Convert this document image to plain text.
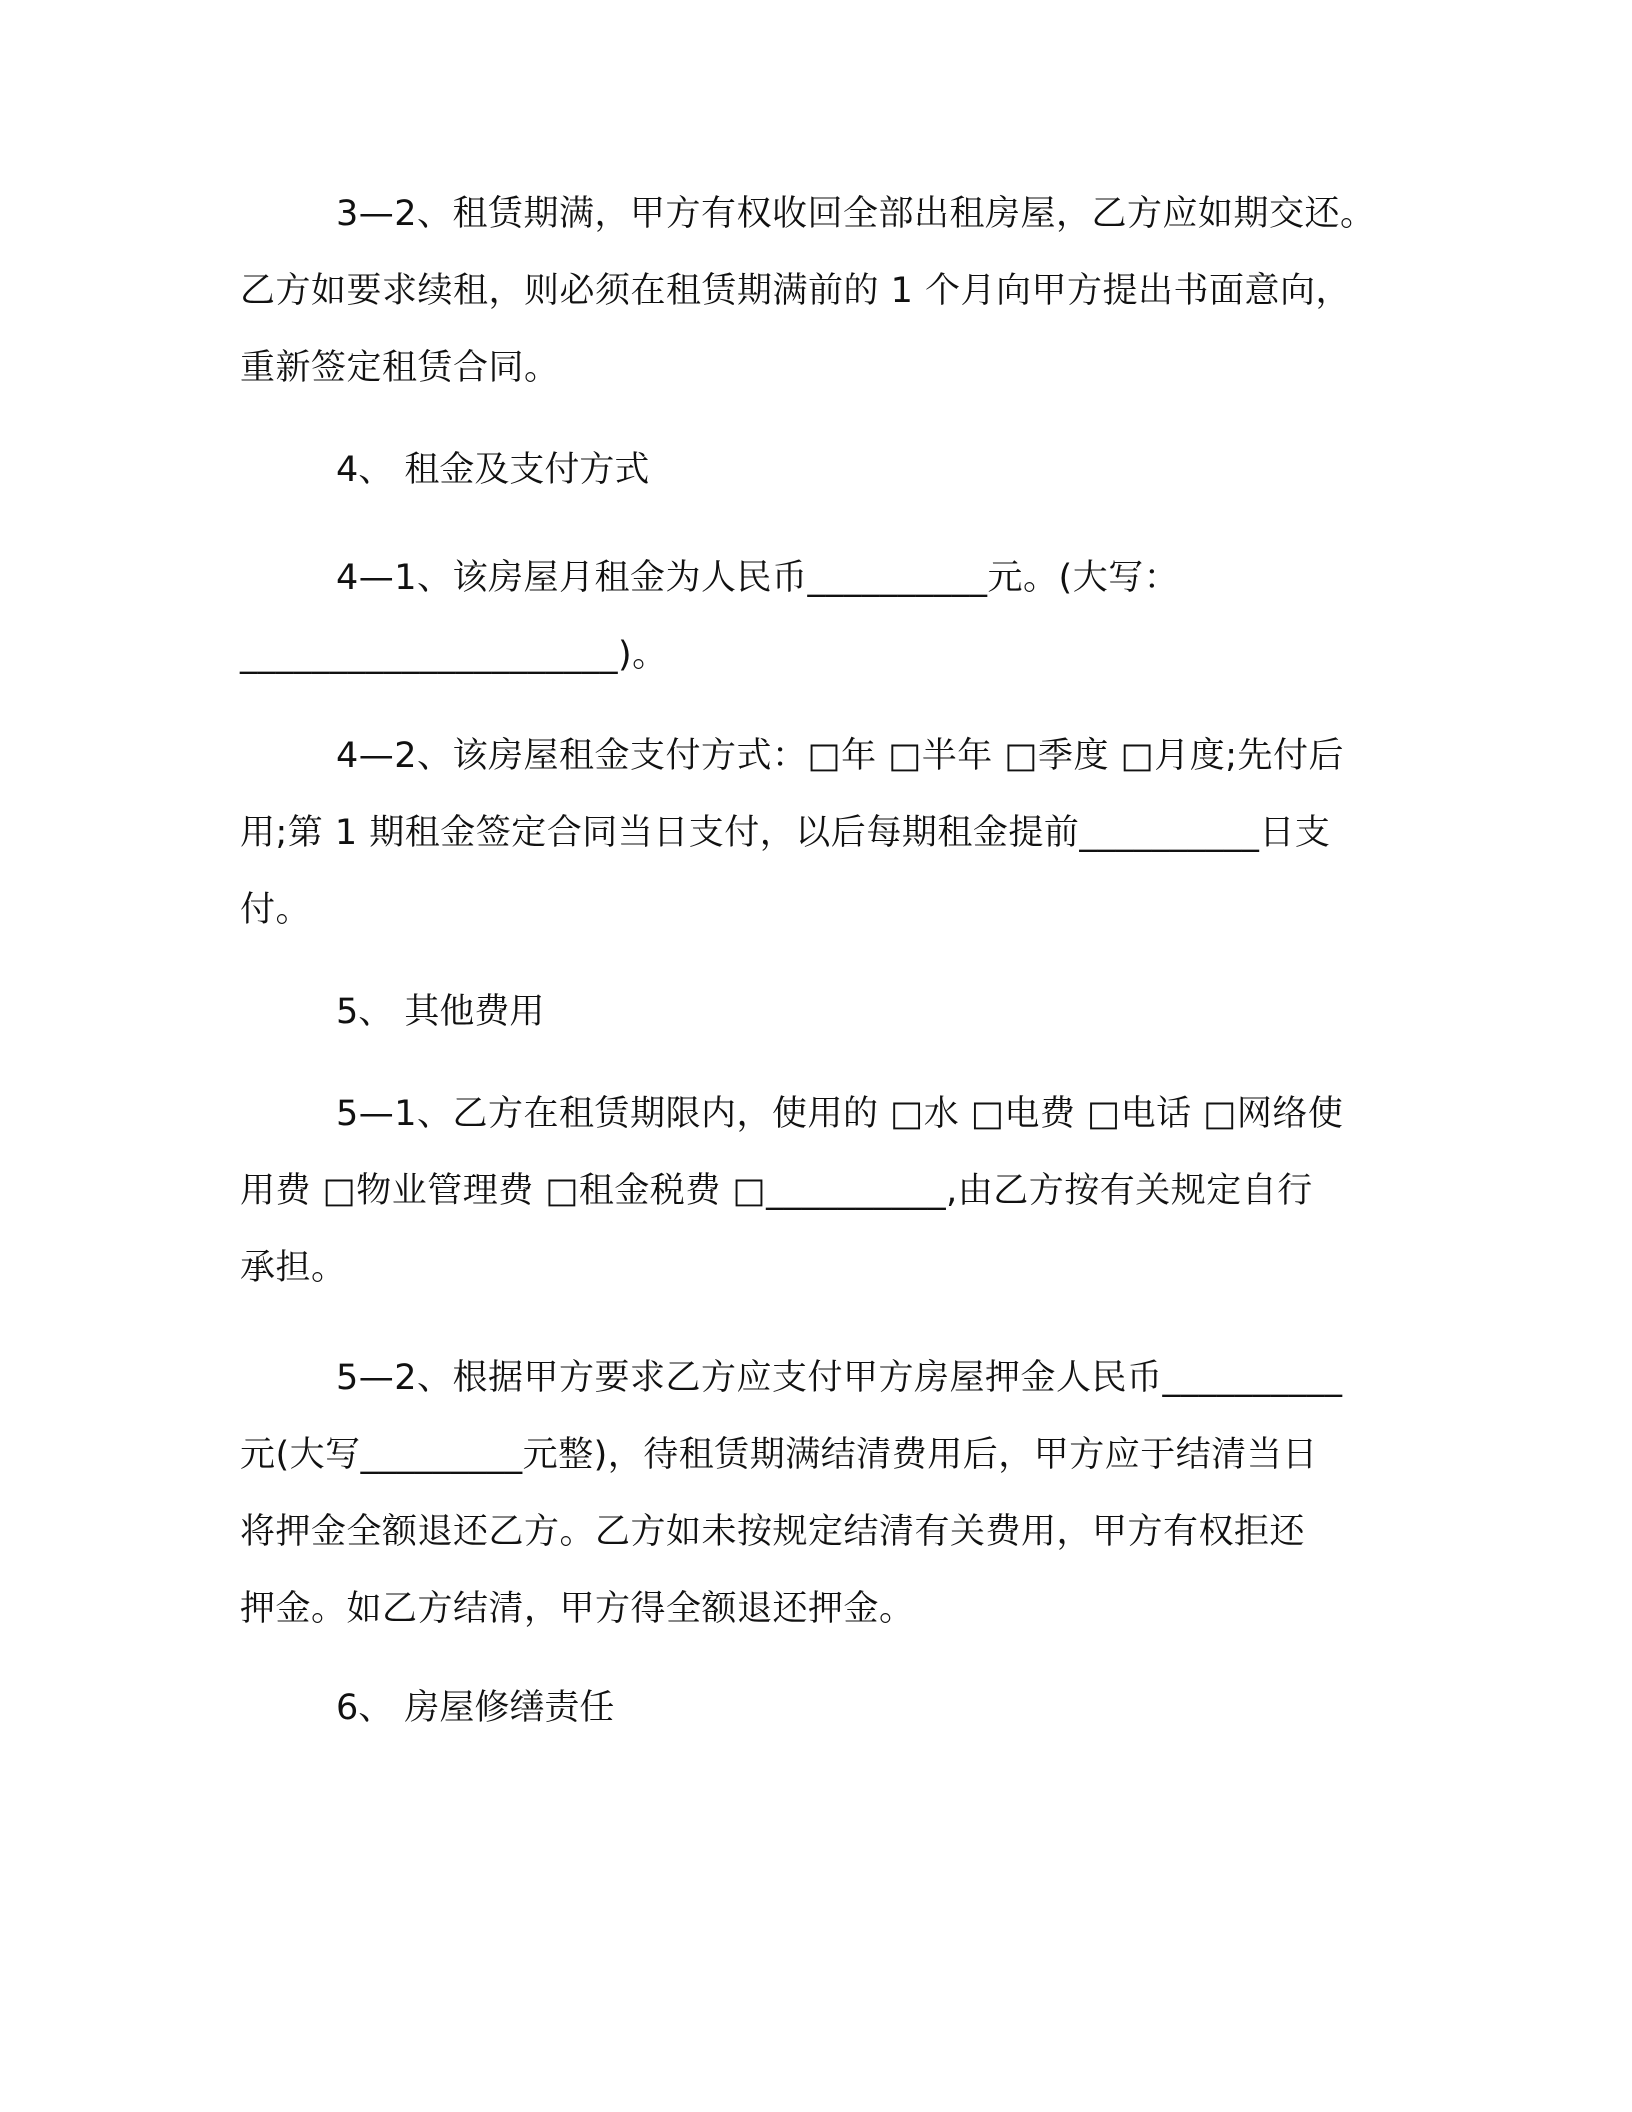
3—2、租赁期满，甲方有权收回全部出租房屋，乙方应如期交还。
乙方如要求续租，则必须在租赁期满前的 1 个月向甲方提出书面意向，
重新签定租赁合同。
4、 租金及支付方式
4—1、该房屋月租金为人民币__________元。(大写：
_____________________)。
4—2、该房屋租金支付方式：□年 □半年 □季度 □月度;先付后
用;第 1 期租金签定合同当日支付，以后每期租金提前__________日支
付。
5、 其他费用
5—1、乙方在租赁期限内，使用的 □水 □电费 □电话 □网络使
用费 □物业管理费 □租金税费 □__________,由乙方按有关规定自行
承担。
5—2、根据甲方要求乙方应支付甲方房屋押金人民币__________
元(大写_________元整)，待租赁期满结清费用后，甲方应于结清当日
将押金全额退还乙方。乙方如未按规定结清有关费用，甲方有权拒还
押金。如乙方结清，甲方得全额退还押金。
6、 房屋修缮责任
